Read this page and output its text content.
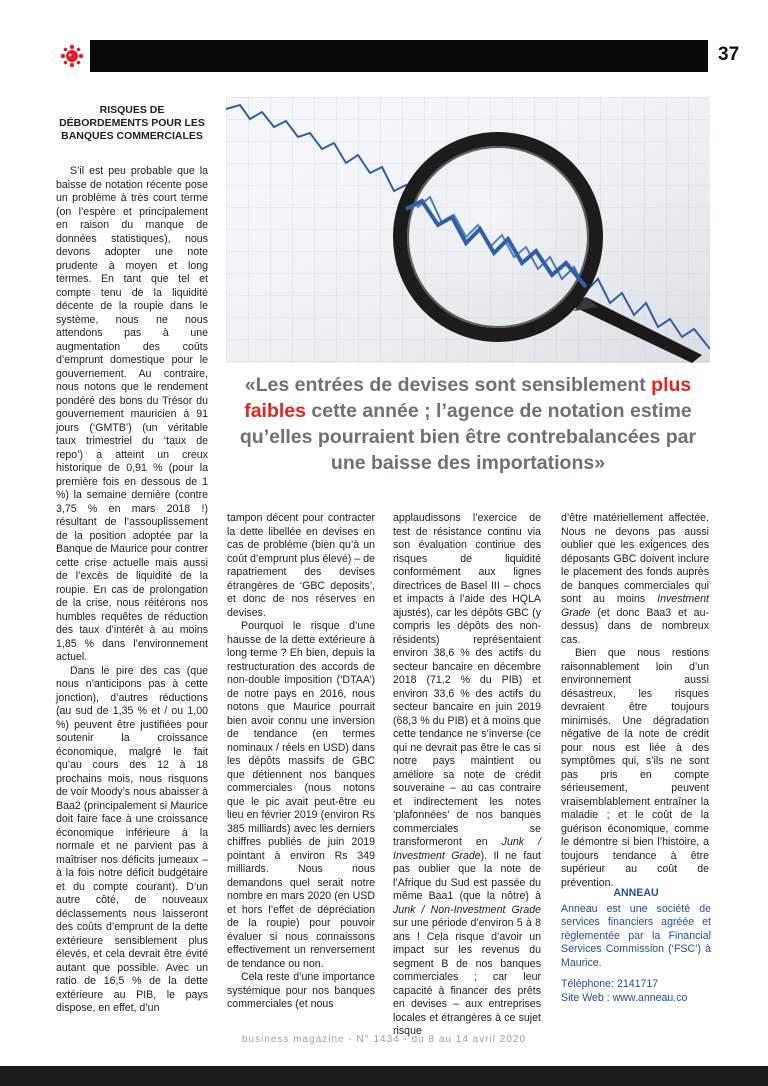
37
RISQUES DE DÉBORDEMENTS POUR LES BANQUES COMMERCIALES

S’il est peu probable que la baisse de notation récente pose un problème à très court terme (on l’espère et principalement en raison du manque de données statistiques), nous devons adopter une note prudente à moyen et long termes. En tant que tel et compte tenu de la liquidité décente de la roupie dans le système, nous ne nous attendons pas à une augmentation des coûts d’emprunt domestique pour le gouvernement. Au contraire, nous notons que le rendement pondéré des bons du Trésor du gouvernement mauricien à 91 jours (‘GMTB’) (un véritable taux trimestriel du ‘taux de repo’) a atteint un creux historique de 0,91 % (pour la première fois en dessous de 1 %) la semaine dernière (contre 3,75 % en mars 2018 !) résultant de l’assouplissement de la position adoptée par la Banque de Maurice pour contrer cette crise actuelle mais aussi de l’excès de liquidité de la roupie. En cas de prolongation de la crise, nous réitérons nos humbles requêtes de réduction des taux d’intérêt à au moins 1,85 % dans l’environnement actuel.

Dans le pire des cas (que nous n’anticipons pas à cette jonction), d’autres réductions (au sud de 1,35 % et / ou 1,00 %) peuvent être justifiées pour soutenir la croissance économique, malgré le fait qu’au cours des 12 à 18 prochains mois, nous risquons de voir Moody’s nous abaisser à Baa2 (principalement si Maurice doit faire face à une croissance économique inférieure à la normale et ne parvient pas à maîtriser nos déficits jumeaux – à la fois notre déficit budgétaire et du compte courant). D’un autre côté, de nouveaux déclassements nous laisseront des coûts d’emprunt de la dette extérieure sensiblement plus élevés, et cela devrait être évité autant que possible. Avec un ratio de 16,5 % de la dette extérieure au PIB, le pays dispose, en effet, d’un

«Les entrées de devises sont sensiblement plus faibles cette année ; l’agence de notation estime qu’elles pourraient bien être contrebalancées par une baisse des importations»

tampon décent pour contracter la dette libellée en devises en cas de problème (bien qu’à un coût d’emprunt plus élevé) – de rapatriement des devises étrangères de ‘GBC deposits’, et donc de nos réserves en devises.

Pourquoi le risque d’une hausse de la dette extérieure à long terme ? Eh bien, depuis la restructuration des accords de non-double imposition (‘DTAA’) de notre pays en 2016, nous notons que Maurice pourrait bien avoir connu une inversion de tendance (en termes nominaux / réels en USD) dans les dépôts massifs de GBC que détiennent nos banques commerciales (nous notons que le pic avait peut-être eu lieu en février 2019 (environ Rs 385 milliards) avec les derniers chiffres publiés de juin 2019 pointant à environ Rs 349 milliards. Nous nous demandons quel serait notre nombre en mars 2020 (en USD et hors l’effet de dépréciation de la roupie) pour pouvoir évaluer si nous connaissons effectivement un renversement de tendance ou non.

Cela reste d’une importance systémique pour nos banques commerciales (et nous

applaudissons l’exercice de test de résistance continu via son évaluation continue des risques de liquidité conformément aux lignes directrices de Basel III – chocs et impacts à l’aide des HQLA ajustés), car les dépôts GBC (y compris les dépôts des non-résidents) représentaient environ 38,6 % des actifs du secteur bancaire en décembre 2018 (71,2 % du PIB) et environ 33,6 % des actifs du secteur bancaire en juin 2019 (68,3 % du PIB) et à moins que cette tendance ne s’inverse (ce qui ne devrait pas être le cas si notre pays maintient ou améliore sa note de crédit souveraine – au cas contraire et indirectement les notes ‘plafonnées’ de nos banques commerciales se transformeront en Junk / Investment Grade). Il ne faut pas oublier que la note de l’Afrique du Sud est passée du même Baa1 (que la nôtre) à Junk / Non-Investment Grade sur une période d’environ 5 à 8 ans ! Cela risque d’avoir un impact sur les revenus du segment B de nos banques commerciales ; car leur capacité à financer des prêts en devises – aux entreprises locales et étrangères à ce sujet risque

d’être matériellement affectée. Nous ne devons pas aussi oublier que les exigences des déposants GBC doivent inclure le placement des fonds auprès de banques commerciales qui sont au moins Investment Grade (et donc Baa3 et au-dessus) dans de nombreux cas.

Bien que nous restions raisonnablement loin d’un environnement aussi désastreux, les risques devraient être toujours minimisés. Une dégradation négative de la note de crédit pour nous est liée à des symptômes qui, s’ils ne sont pas pris en compte sérieusement, peuvent vraisemblablement entraîner la maladie ; et le coût de la guérison économique, comme le démontre si bien l’histoire, a toujours tendance à être supérieur au coût de prévention.

ANNEAU

Anneau est une société de services financiers agréée et réglementée par la Financial Services Commission (‘FSC’) à Maurice.

Téléphone: 2141717

Site Web : www.anneau.co

business magazine - N° 1434 - du 8 au 14 avril 2020
